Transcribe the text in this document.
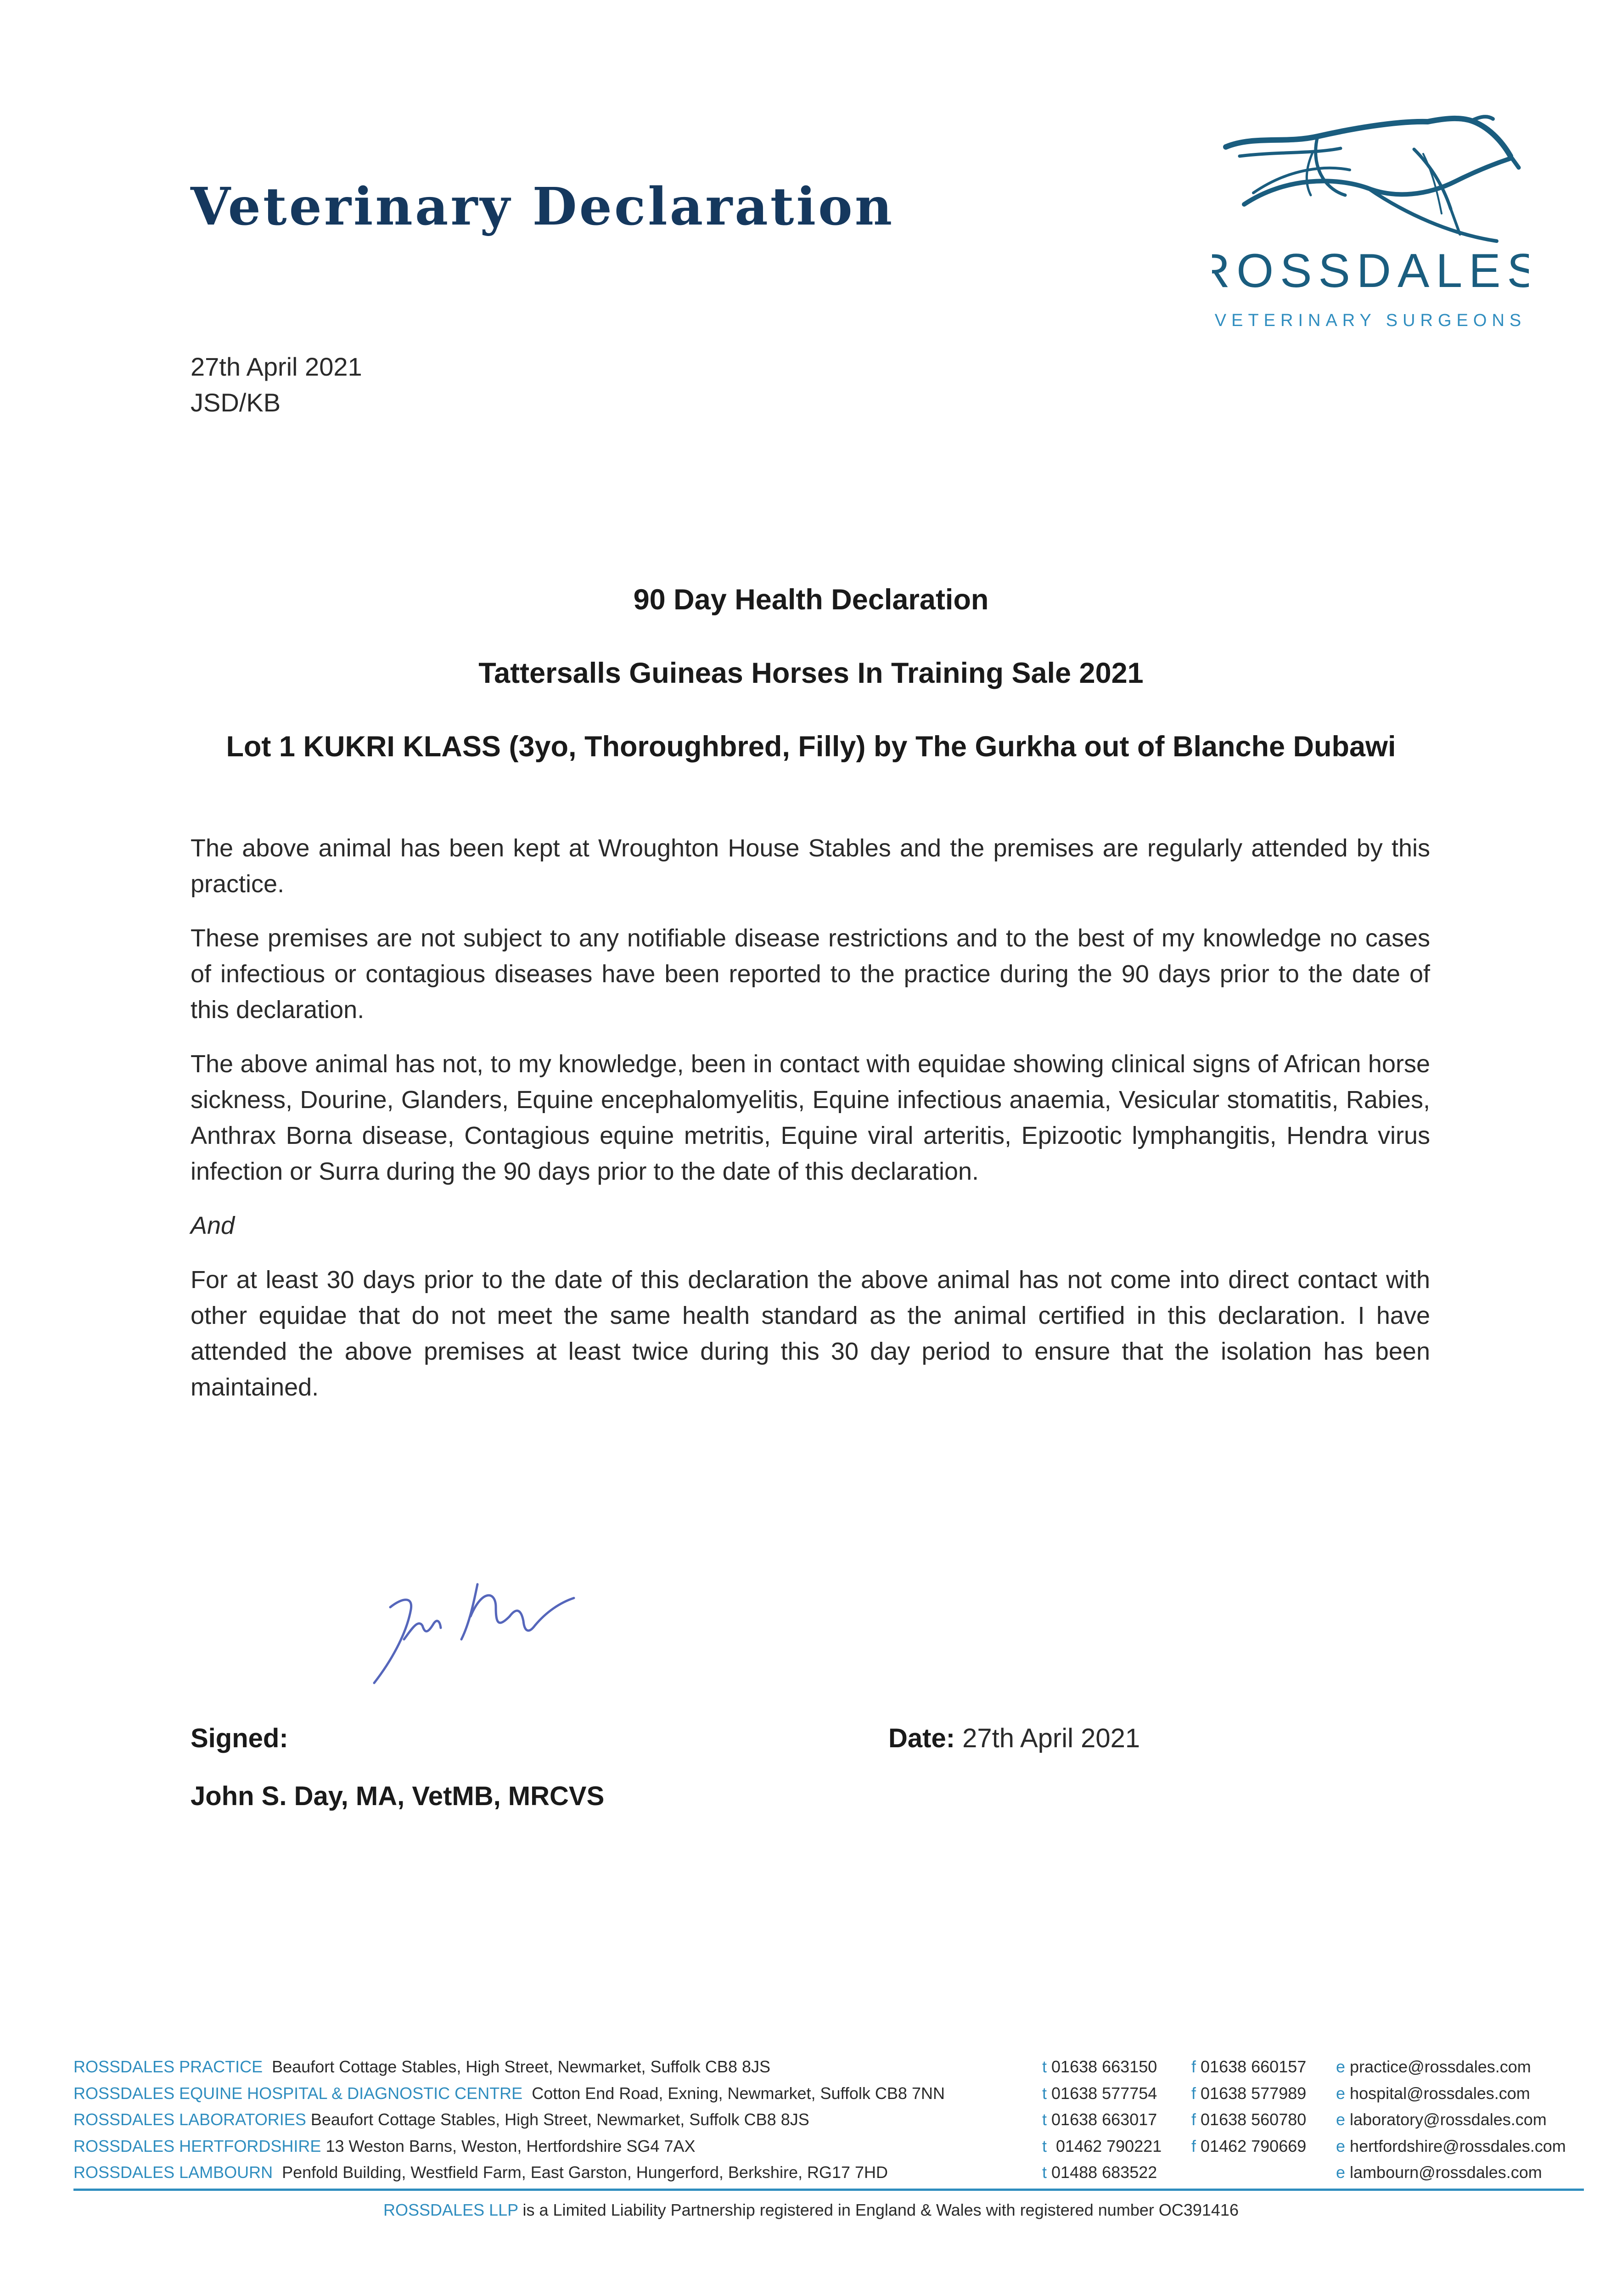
Veterinary Declaration
ROSSDALES
VETERINARY SURGEONS
27th April 2021
JSD/KB
90 Day Health Declaration
Tattersalls Guineas Horses In Training Sale 2021
Lot 1 KUKRI KLASS (3yo, Thoroughbred, Filly) by The Gurkha out of Blanche Dubawi

The above animal has been kept at Wroughton House Stables and the premises are regularly attended by this practice.

These premises are not subject to any notifiable disease restrictions and to the best of my knowledge no cases of infectious or contagious diseases have been reported to the practice during the 90 days prior to the date of this declaration.

The above animal has not, to my knowledge, been in contact with equidae showing clinical signs of African horse sickness, Dourine, Glanders, Equine encephalomyelitis, Equine infectious anaemia, Vesicular stomatitis, Rabies, Anthrax Borna disease, Contagious equine metritis, Equine viral arteritis, Epizootic lymphangitis, Hendra virus infection or Surra during the 90 days prior to the date of this declaration.

And

For at least 30 days prior to the date of this declaration the above animal has not come into direct contact with other equidae that do not meet the same health standard as the animal certified in this declaration. I have attended the above premises at least twice during this 30 day period to ensure that the isolation has been maintained.

Signed:	Date: 27th April 2021
John S. Day, MA, VetMB, MRCVS
ROSSDALES PRACTICE Beaufort Cottage Stables, High Street, Newmarket, Suffolk CB8 8JS	t 01638 663150	f 01638 660157	e practice@rossdales.com
ROSSDALES EQUINE HOSPITAL & DIAGNOSTIC CENTRE Cotton End Road, Exning, Newmarket, Suffolk CB8 7NN	t 01638 577754	f 01638 577989	e hospital@rossdales.com
ROSSDALES LABORATORIES Beaufort Cottage Stables, High Street, Newmarket, Suffolk CB8 8JS	t 01638 663017	f 01638 560780	e laboratory@rossdales.com
ROSSDALES HERTFORDSHIRE 13 Weston Barns, Weston, Hertfordshire SG4 7AX	t 01462 790221	f 01462 790669	e hertfordshire@rossdales.com
ROSSDALES LAMBOURN Penfold Building, Westfield Farm, East Garston, Hungerford, Berkshire, RG17 7HD	t 01488 683522	e lambourn@rossdales.com
ROSSDALES LLP is a Limited Liability Partnership registered in England & Wales with registered number OC391416
